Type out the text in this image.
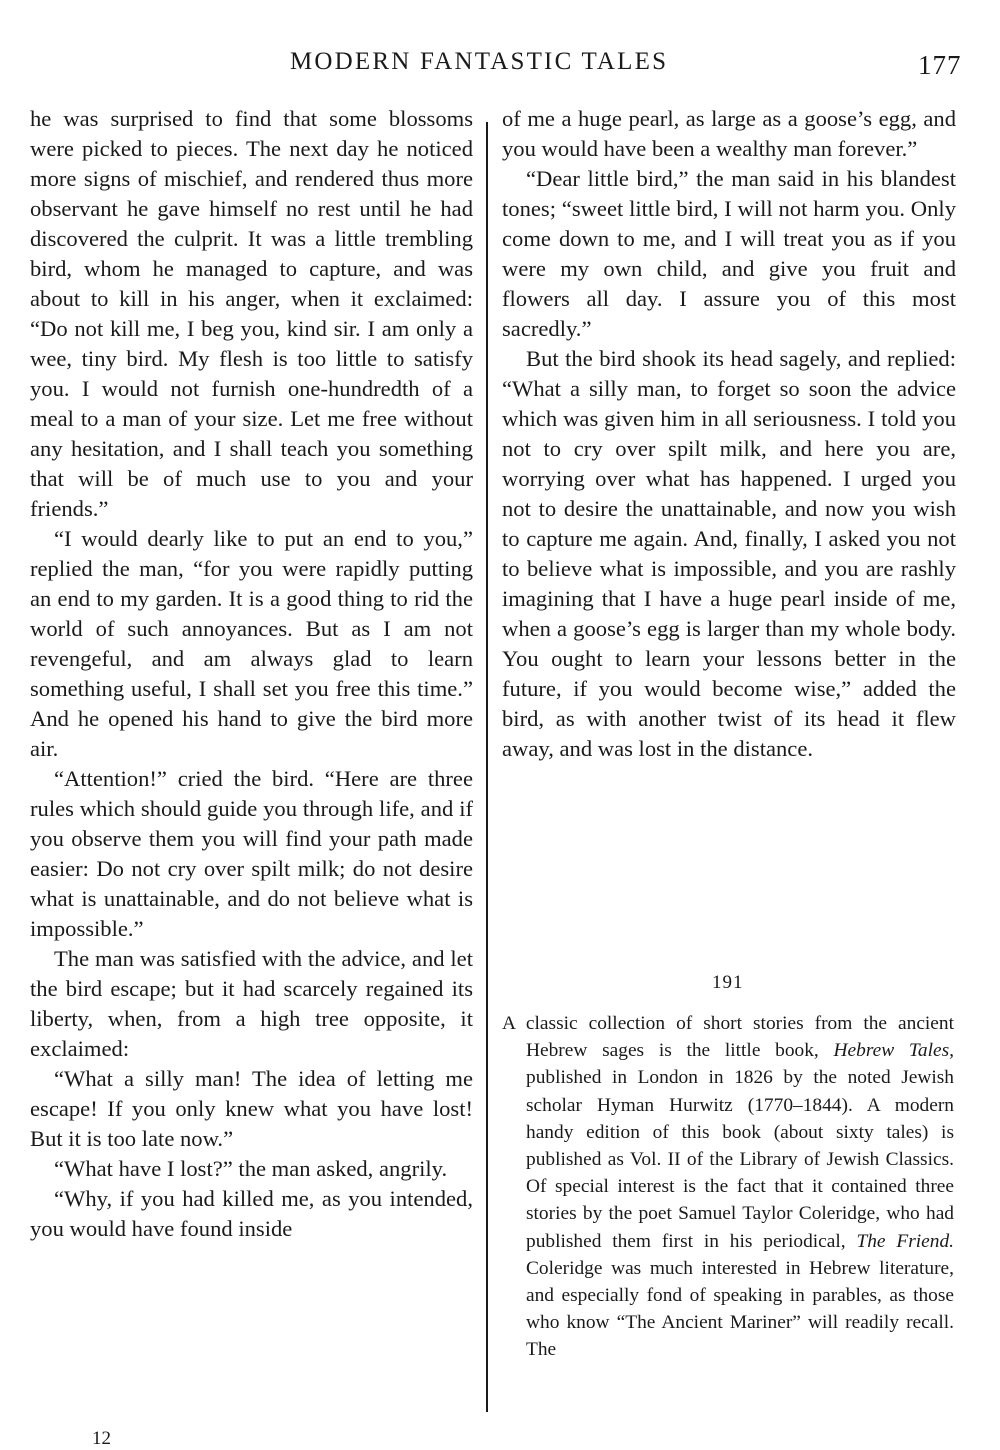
MODERN FANTASTIC TALES	177

he was surprised to find that some blossoms were picked to pieces. The next day he noticed more signs of mischief, and rendered thus more observant he gave himself no rest until he had discovered the culprit. It was a little trembling bird, whom he managed to capture, and was about to kill in his anger, when it exclaimed: “Do not kill me, I beg you, kind sir. I am only a wee, tiny bird. My flesh is too little to satisfy you. I would not furnish one-hundredth of a meal to a man of your size. Let me free without any hesitation, and I shall teach you something that will be of much use to you and your friends.”

“I would dearly like to put an end to you,” replied the man, “for you were rapidly putting an end to my garden. It is a good thing to rid the world of such annoyances. But as I am not revengeful, and am always glad to learn something useful, I shall set you free this time.” And he opened his hand to give the bird more air.

“Attention!” cried the bird. “Here are three rules which should guide you through life, and if you observe them you will find your path made easier: Do not cry over spilt milk; do not desire what is unattainable, and do not believe what is impossible.”

The man was satisfied with the advice, and let the bird escape; but it had scarcely regained its liberty, when, from a high tree opposite, it exclaimed:

“What a silly man! The idea of letting me escape! If you only knew what you have lost! But it is too late now.”

“What have I lost?” the man asked, angrily.

“Why, if you had killed me, as you intended, you would have found inside

of me a huge pearl, as large as a goose’s egg, and you would have been a wealthy man forever.”

“Dear little bird,” the man said in his blandest tones; “sweet little bird, I will not harm you. Only come down to me, and I will treat you as if you were my own child, and give you fruit and flowers all day. I assure you of this most sacredly.”

But the bird shook its head sagely, and replied: “What a silly man, to forget so soon the advice which was given him in all seriousness. I told you not to cry over spilt milk, and here you are, worrying over what has happened. I urged you not to desire the unattainable, and now you wish to capture me again. And, finally, I asked you not to believe what is impossible, and you are rashly imagining that I have a huge pearl inside of me, when a goose’s egg is larger than my whole body. You ought to learn your lessons better in the future, if you would become wise,” added the bird, as with another twist of its head it flew away, and was lost in the distance.

191

A classic collection of short stories from the ancient Hebrew sages is the little book, Hebrew Tales, published in London in 1826 by the noted Jewish scholar Hyman Hurwitz (1770–1844). A modern handy edition of this book (about sixty tales) is published as Vol. II of the Library of Jewish Classics. Of special interest is the fact that it contained three stories by the poet Samuel Taylor Coleridge, who had published them first in his periodical, The Friend. Coleridge was much interested in Hebrew literature, and especially fond of speaking in parables, as those who know “The Ancient Mariner” will readily recall. The

12
